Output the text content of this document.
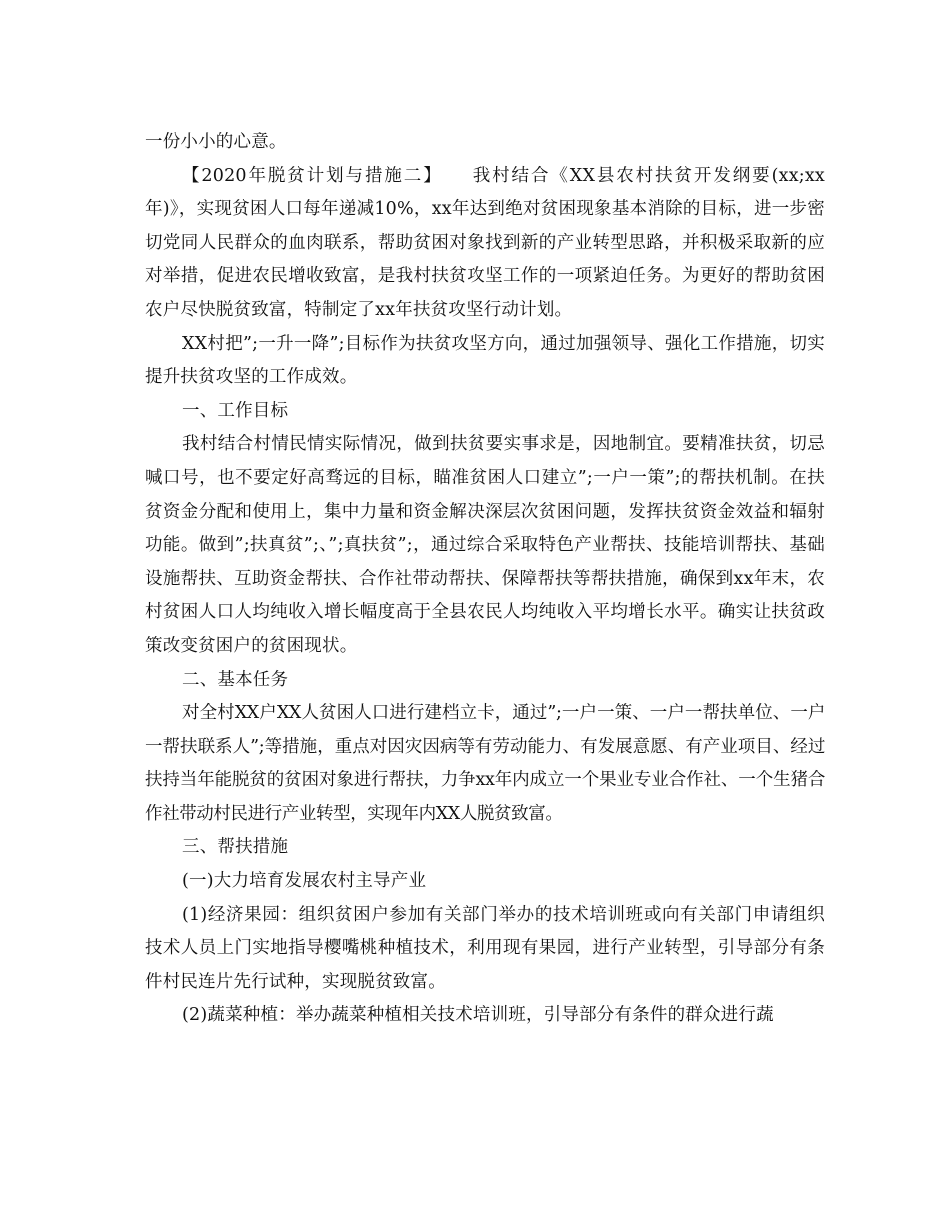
一份小小的心意。

【2020年脱贫计划与措施二】　　我村结合《XX县农村扶贫开发纲要(xx;xx年)》，实现贫困人口每年递减10%，xx年达到绝对贫困现象基本消除的目标，进一步密切党同人民群众的血肉联系，帮助贫困对象找到新的产业转型思路，并积极采取新的应对举措，促进农民增收致富，是我村扶贫攻坚工作的一项紧迫任务。为更好的帮助贫困农户尽快脱贫致富，特制定了xx年扶贫攻坚行动计划。

XX村把”;一升一降”;目标作为扶贫攻坚方向，通过加强领导、强化工作措施，切实提升扶贫攻坚的工作成效。

一、工作目标

我村结合村情民情实际情况，做到扶贫要实事求是，因地制宜。要精准扶贫，切忌喊口号，也不要定好高骛远的目标，瞄准贫困人口建立”;一户一策”;的帮扶机制。在扶贫资金分配和使用上，集中力量和资金解决深层次贫困问题，发挥扶贫资金效益和辐射功能。做到”;扶真贫”;、”;真扶贫”;，通过综合采取特色产业帮扶、技能培训帮扶、基础设施帮扶、互助资金帮扶、合作社带动帮扶、保障帮扶等帮扶措施，确保到xx年末，农村贫困人口人均纯收入增长幅度高于全县农民人均纯收入平均增长水平。确实让扶贫政策改变贫困户的贫困现状。

二、基本任务

对全村XX户XX人贫困人口进行建档立卡，通过”;一户一策、一户一帮扶单位、一户一帮扶联系人”;等措施，重点对因灾因病等有劳动能力、有发展意愿、有产业项目、经过扶持当年能脱贫的贫困对象进行帮扶，力争xx年内成立一个果业专业合作社、一个生猪合作社带动村民进行产业转型，实现年内XX人脱贫致富。

三、帮扶措施

(一)大力培育发展农村主导产业

(1)经济果园：组织贫困户参加有关部门举办的技术培训班或向有关部门申请组织技术人员上门实地指导樱嘴桃种植技术，利用现有果园，进行产业转型，引导部分有条件村民连片先行试种，实现脱贫致富。

(2)蔬菜种植：举办蔬菜种植相关技术培训班，引导部分有条件的群众进行蔬
